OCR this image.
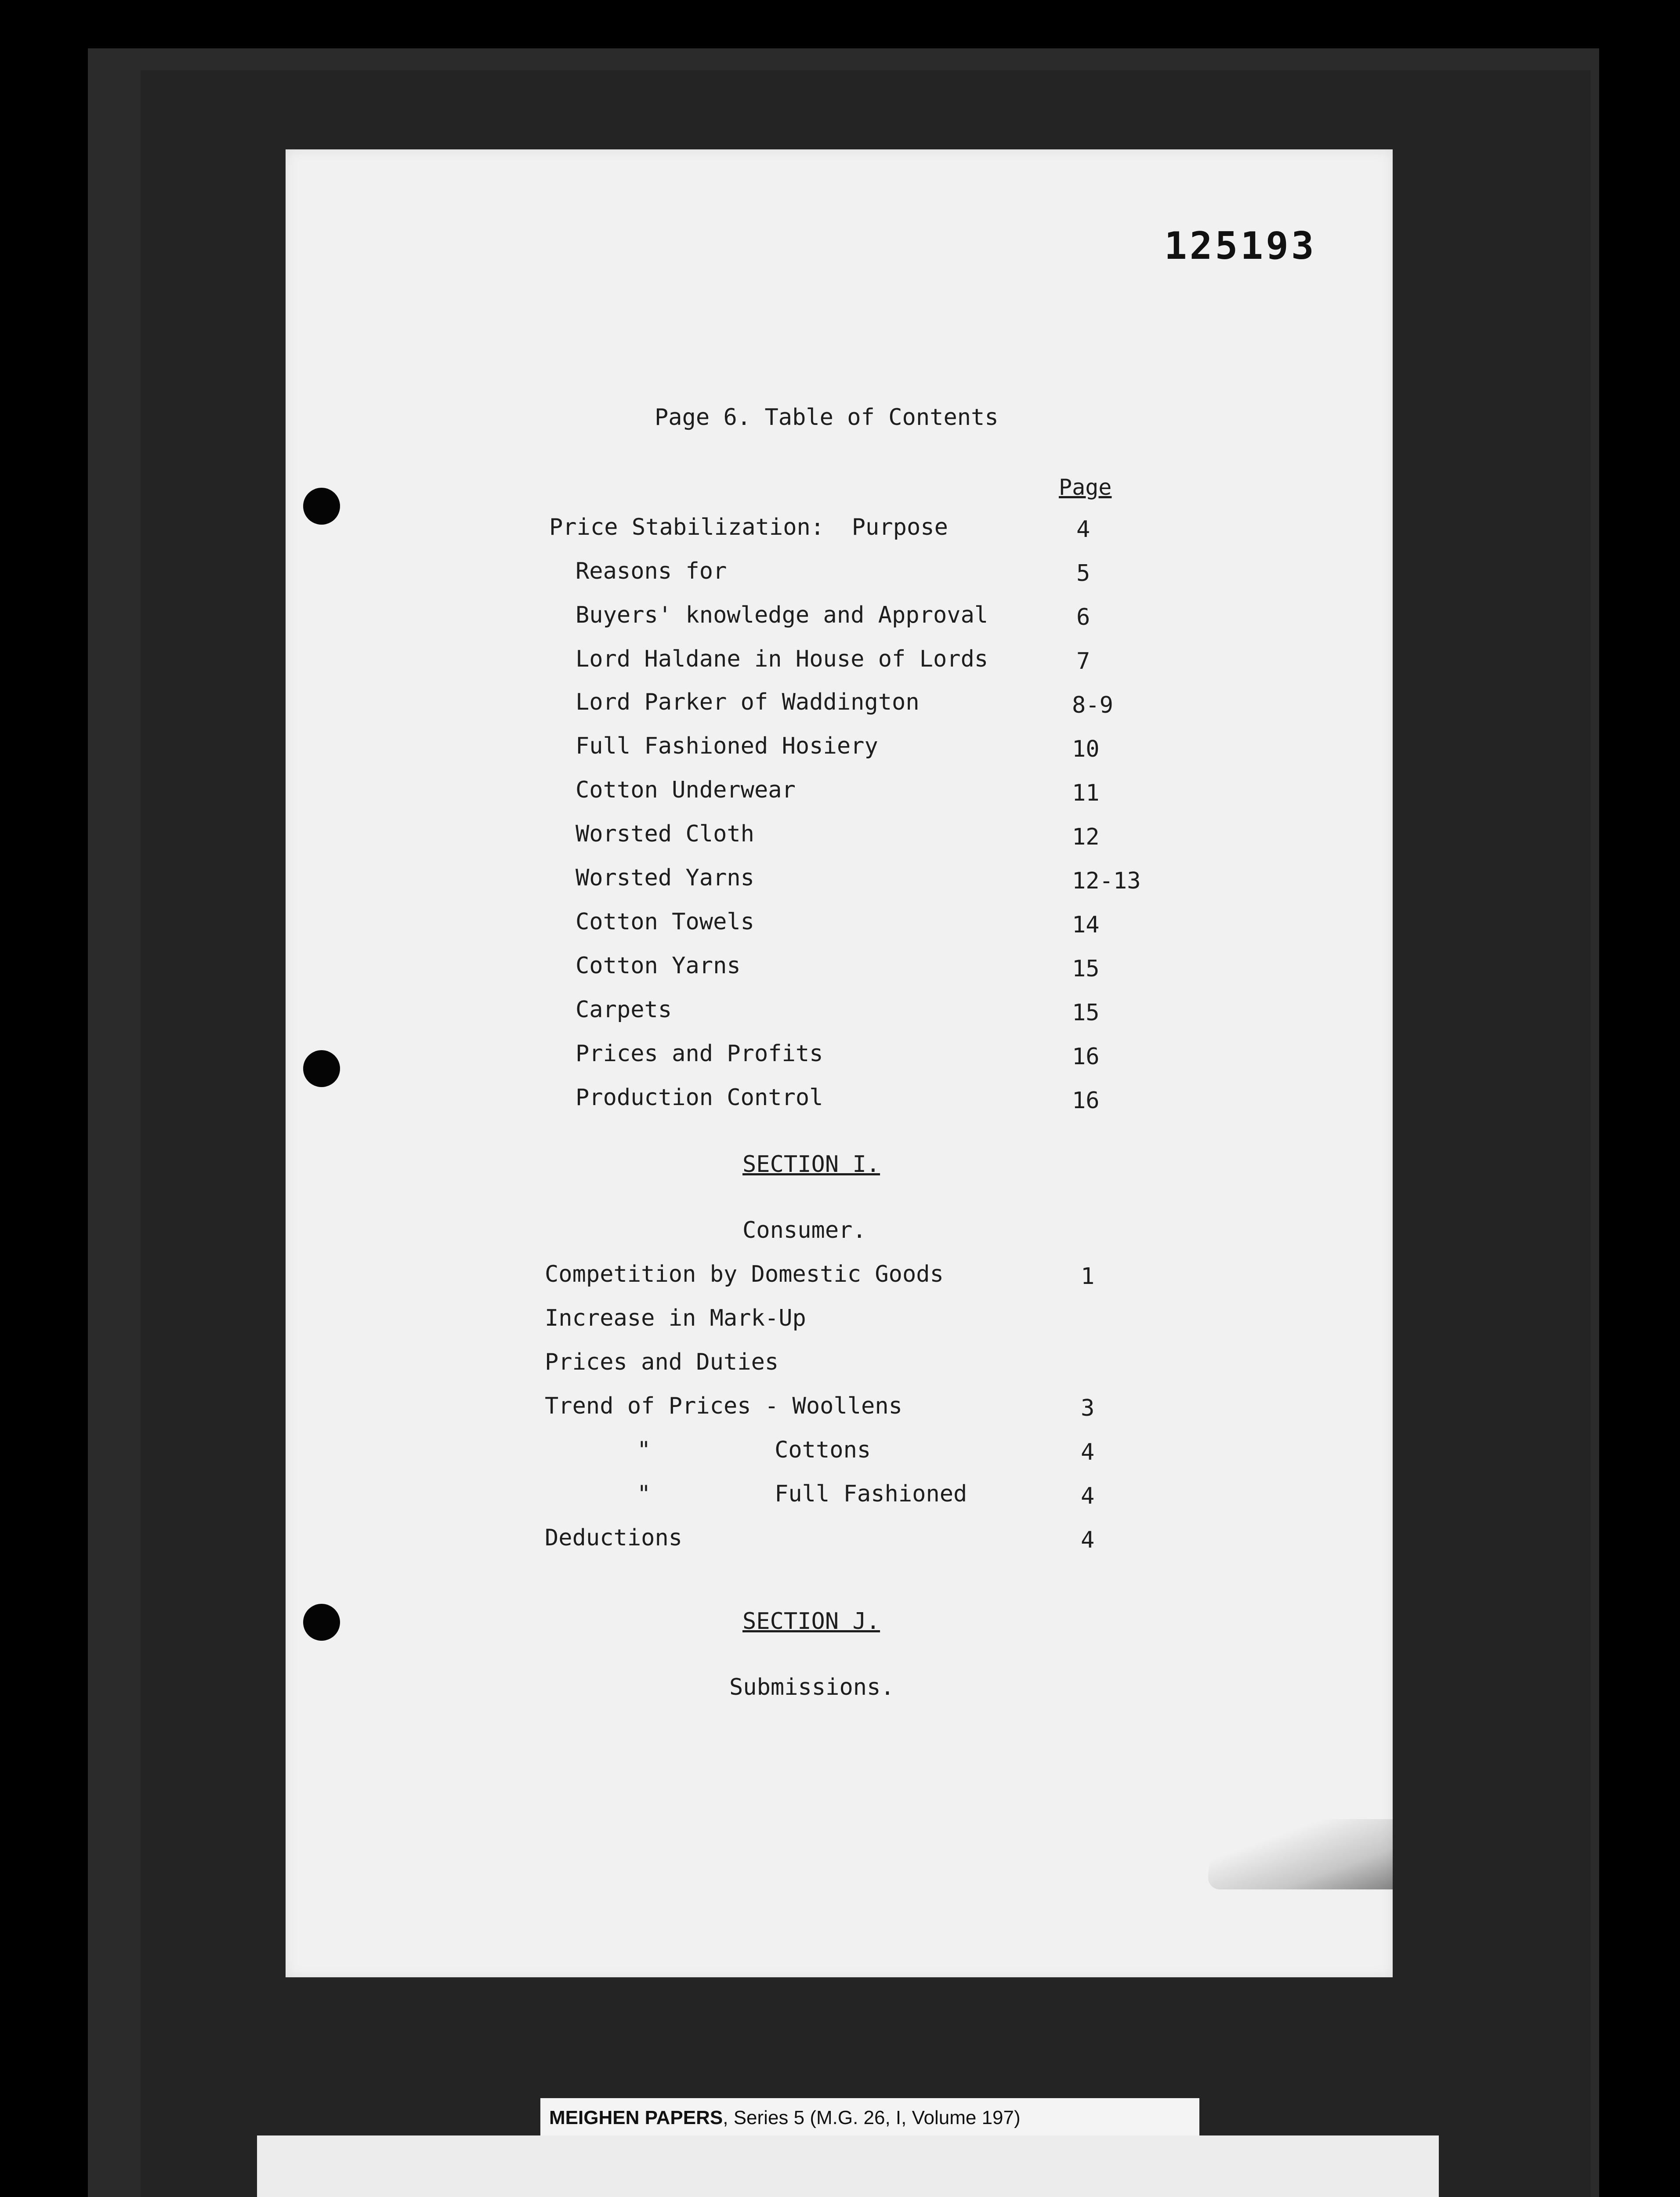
125193
Page 6. Table of Contents
Page
Price Stabilization:  Purpose	4
Reasons for	5
Buyers' knowledge and Approval	6
Lord Haldane in House of Lords	7
Lord Parker of Waddington	8-9
Full Fashioned Hosiery	10
Cotton Underwear	11
Worsted Cloth	12
Worsted Yarns	12-13
Cotton Towels	14
Cotton Yarns	15
Carpets	15
Prices and Profits	16
Production Control	16
SECTION I.
Consumer.
Competition by Domestic Goods	1
Increase in Mark-Up
Prices and Duties
Trend of Prices - Woollens	3
"         Cottons	4
"         Full Fashioned	4
Deductions	4
SECTION J.
Submissions.
MEIGHEN PAPERS, Series 5 (M.G. 26, I, Volume 197)
